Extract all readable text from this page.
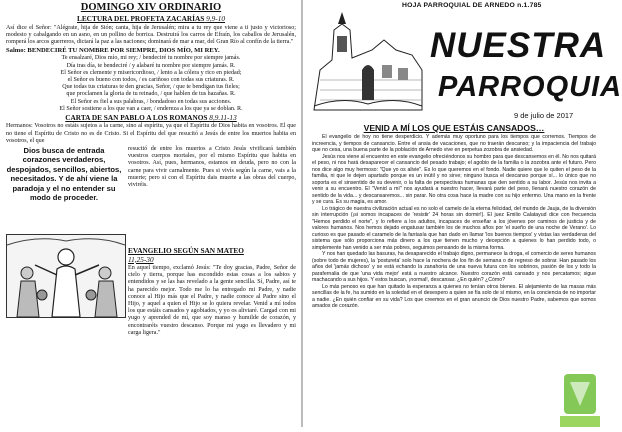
DOMINGO XIV ORDINARIO
LECTURA DEL PROFETA ZACARÍAS 9,9-10
Así dice el Señor: "Alégrate, hija de Sión; canta, hija de Jerusalén; mira a tu rey que viene a ti justo y victorioso; modesto y cabalgando en un asno, en un pollino de borrica. Destruirá los carros de Efraín, los caballos de Jerusalén, romperá los arcos guerreros, dictará la paz a las naciones; dominará de mar a mar, del Gran Río al confín de la tierra."
Salmo: BENDECIRÉ TU NOMBRE POR SIEMPRE, DIOS MÍO, MI REY.
Te ensalzaré, Dios mío, mi rey; / bendeciré tu nombre por siempre jamás.
Día tras día, te bendeciré / y alabaré tu nombre por siempre jamás. R.
El Señor es clemente y misericordioso, / lento a la cólera y rico en piedad;
el Señor es bueno con todos, / es cariñoso con todas sus criaturas. R.
Que todas tus criaturas te den gracias, Señor, / que te bendigan tus fieles;
que proclamen la gloria de tu reinado, / que hablen de tus hazañas. R.
El Señor es fiel a sus palabras, / bondadoso en todas sus acciones.
El Señor sostiene a los que van a caer, / endereza a los que ya se doblan. R.
CARTA DE SAN PABLO A LOS ROMANOS 8,9.11-13
Hermanos: Vosotros no estáis sujetos a la carne, sino al espíritu, ya que el Espíritu de Dios habita en vosotros. El que no tiene el Espíritu de Cristo no es de Cristo. Si el Espíritu del que resucitó a Jesús de entre los muertos habita en vosotros, el que
Dios busca de entrada corazones verdaderos, despojados, sencillos, abiertos, necesitados. Y de ahí viene la paradoja y el no entender su modo de proceder.
resucitó de entre los muertos a Cristo Jesús vivificará también vuestros cuerpos mortales, por el mismo Espíritu que habita en vosotros. Así, pues, hermanos, estamos en deuda, pero no con la carne para vivir carnalmente. Pues si vivís según la carne, vais a la muerte; pero si con el Espíritu dais muerte a las obras del cuerpo, viviréis.
EVANGELIO SEGÚN SAN MATEO
11,25-30
En aquel tiempo, exclamó Jesús: "Te doy gracias, Padre, Señor de cielo y tierra, porque has escondido estas cosas a los sabios y entendidos y se las has revelado a la gente sencilla. Sí, Padre, así te ha parecido mejor. Todo me lo ha entregado mi Padre, y nadie conoce al Hijo más que el Padre, y nadie conoce al Padre sino el Hijo, y aquel a quien el Hijo se lo quiera revelar. Venid a mí todos los que estáis cansados y agobiados, y yo os aliviaré. Cargad con mi yugo y aprended de mí, que soy manso y humilde de corazón, y encontraréis vuestro descanso. Porque mi yugo es llevadero y mi carga ligera."
HOJA PARROQUIAL DE ARNEDO n.1.785
NUESTRA
PARROQUIA
9 de julio de 2017
VENID A MÍ LOS QUE ESTÁIS CANSADOS…

El evangelio de hoy no tiene desperdicio. Y además muy oportuno para los tiempos que corremos. Tiempos de increencia, y tiempos de cansancio. Entre el ansia de vacaciones, que no traerán descanso; y la impaciencia del trabajo que no cesa, una buena parte de la población de Arnedo vive en perpetua zozobra de ansiedad.

Jesús nos viene al encuentro en este evangelio ofreciéndonos su hombro para que descansemos en él. No nos quitará el peso, ni nos hará desaparecer el cansancio del pesado trabajo; el agobio de la familia o la zozobra ante el futuro. Pero nos dice algo muy hermoso: "Que yo os alivie". Es lo que queremos en el fondo. Nadie quiere que le quiten el peso de la familia, ni que le dejen apartado porque es un inútil y no sirve; ninguno busca el descanso porque sí... lo único que no soporta es el sinsentido de su devenir, o la falta de perspectivas humanas que den sentido a su labor. Jesús nos invita a venir a su encuentro. El "Venid a mí" nos ayudará a nuestro hacer, llevará parte del peso, llenará nuestro corazón de sentido de la vida... y descansaremos... sin parar. No otra cosa hace la madre con su hijo enfermo. Una mano en la frente y se cura. Es su magia, es amor.

Lo trágico de nuestra civilización actual es no solo el camelo de la eterna felicidad, del mundo de Jauja, de la diversión sin interrupción (¡si somos incapaces de 'resistir' 24 horas sin dormir!). El juez Emilio Calatayud dice con frecuencia "Hemos perdido el norte", y lo refiere a los adultos, incapaces de enseñar a los jóvenes por caminos de justicia y de valores humanos. Nos hemos dejado engatusar también los de muchos años por 'el sueño de una noche de Verano'. Lo curioso es que pasado el caramelo de la fantasía que han dado en llamar 'los buenos tiempos' y vistas las verdaderas del sistema que sólo proporciona más dinero a los que tienen mucho y decepción a quienes lo han perdido todo, o simplemente han venido a ser más pobres, seguimos pensando de la misma forma.

Y nos han quedado las basuras, ha desaparecido el trabajo digno, permanece la droga, el comercio de seres humanos (sobre todo de mujeres), la 'postureta' solo hace la nochera de los fin de semana o de regreso de sobrar. Han pasado los años del 'jamás dichoso' y se está echando la zanahoria de una nueva futura con los sobrinos, pasión de los y todo la parafernalia de que 'una vida mejor' está a nuestro alcance. Nuestro corazón está cansado y nos percatamos; sigue machacando a sus hijos. Y estos buscan, ¡normal!, descansar. ¿En quién? ¿Cómo?

Lo más penoso es que han quitado la esperanza a quienes no tenían otros bienes. El alejamiento de las masas más sencillas de la fe, ha sumido en la soledad en el desespero a quien se fía solo de sí mismo, en la conciencia de no importar a nadie. ¿En quién confiar en su vida? Los que creemos en el gran anuncio de Dios nuestro Padre, sabemos que somos amados de corazón.
